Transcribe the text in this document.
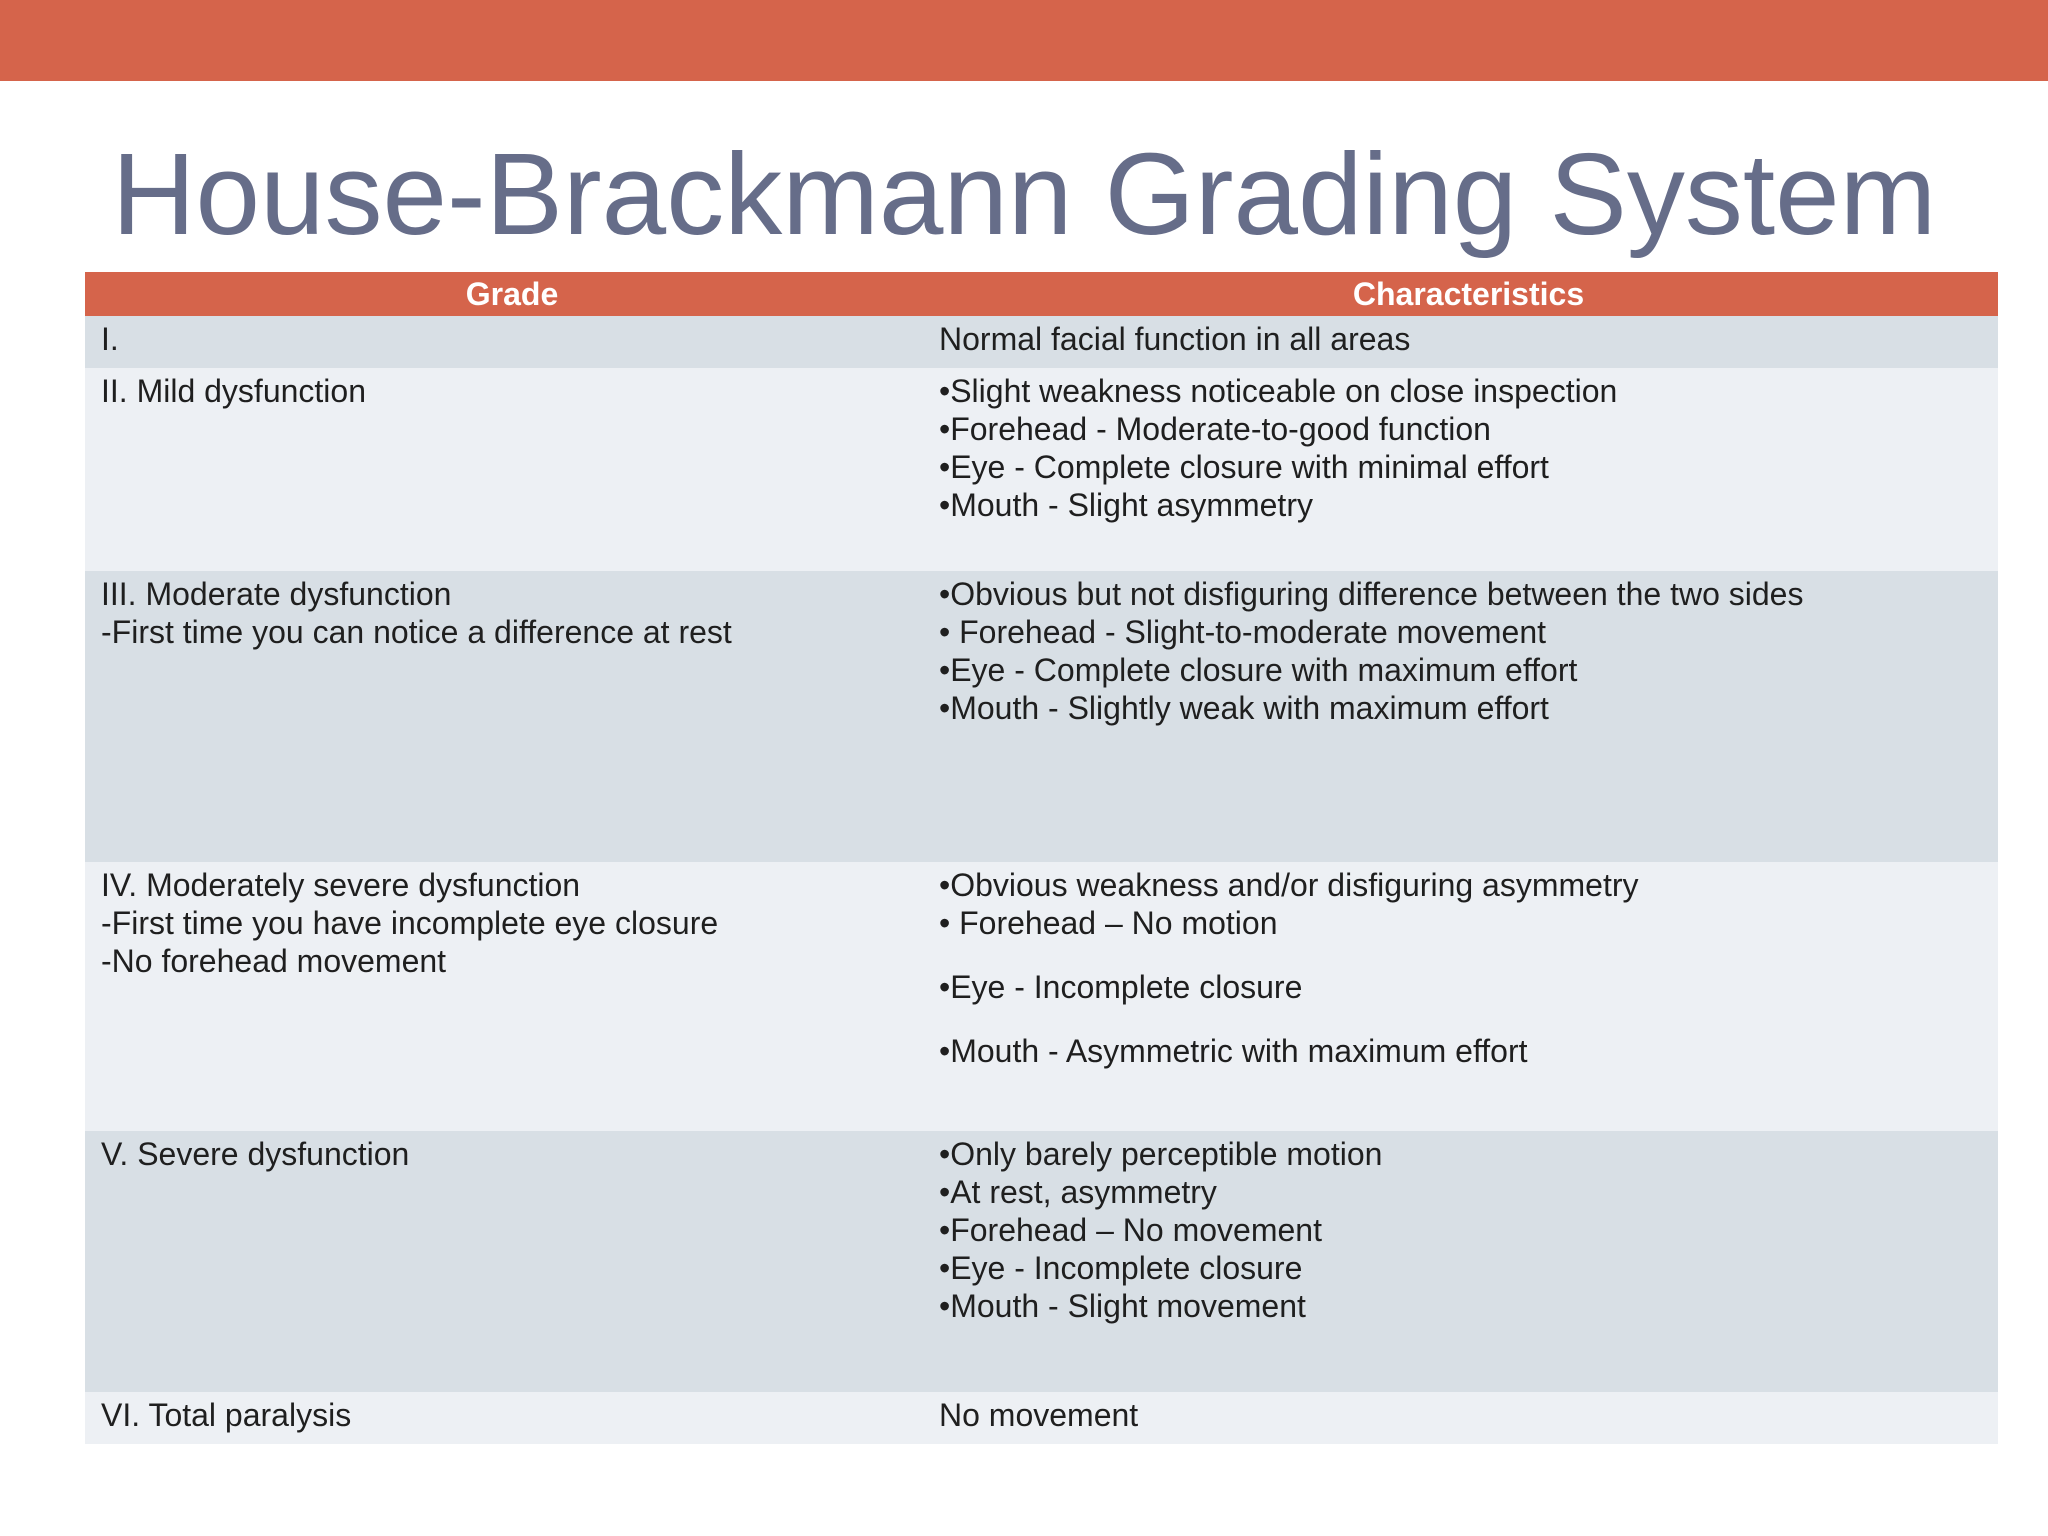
House-Brackmann Grading System
Grade	Characteristics

I.	Normal facial function in all areas

II. Mild dysfunction	•Slight weakness noticeable on close inspection
•Forehead - Moderate-to-good function
•Eye - Complete closure with minimal effort
•Mouth - Slight asymmetry

III. Moderate dysfunction
-First time you can notice a difference at rest	•Obvious but not disfiguring difference between the two sides
• Forehead - Slight-to-moderate movement
•Eye - Complete closure with maximum effort
•Mouth - Slightly weak with maximum effort

IV. Moderately severe dysfunction
-First time you have incomplete eye closure
-No forehead movement	•Obvious weakness and/or disfiguring asymmetry
• Forehead – No motion
•Eye - Incomplete closure
•Mouth - Asymmetric with maximum effort

V. Severe dysfunction	•Only barely perceptible motion
•At rest, asymmetry
•Forehead – No movement
•Eye - Incomplete closure
•Mouth - Slight movement

VI. Total paralysis	No movement
